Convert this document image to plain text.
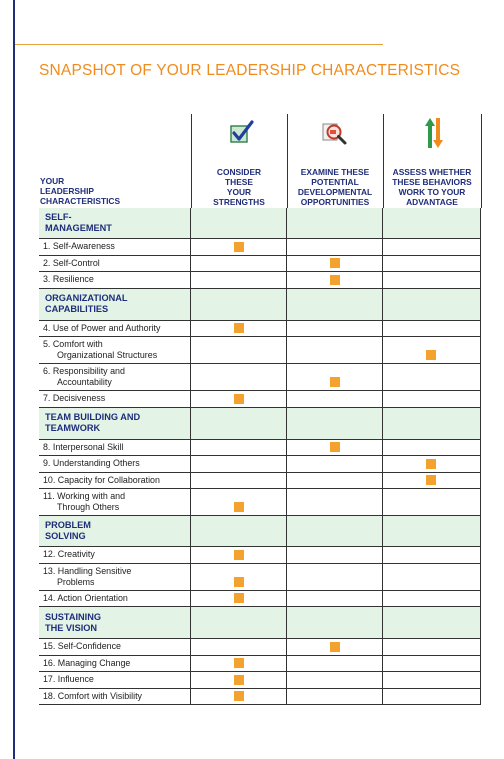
SNAPSHOT OF YOUR LEADERSHIP CHARACTERISTICS
YOUR
LEADERSHIP
CHARACTERISTICS
CONSIDER
THESE
YOUR
STRENGTHS
EXAMINE THESE
POTENTIAL
DEVELOPMENTAL
OPPORTUNITIES
ASSESS WHETHER
THESE BEHAVIORS
WORK TO YOUR
ADVANTAGE
SELF-
MANAGEMENT
1. Self-Awareness
2. Self-Control
3. Resilience
ORGANIZATIONAL
CAPABILITIES
4. Use of Power and Authority
5. Comfort with
Organizational Structures
6. Responsibility and
Accountability
7. Decisiveness
TEAM BUILDING AND
TEAMWORK
8. Interpersonal Skill
9. Understanding Others
10. Capacity for Collaboration
11. Working with and
Through Others
PROBLEM
SOLVING
12. Creativity
13. Handling Sensitive
Problems
14. Action Orientation
SUSTAINING
THE VISION
15. Self-Confidence
16. Managing Change
17. Influence
18. Comfort with Visibility
